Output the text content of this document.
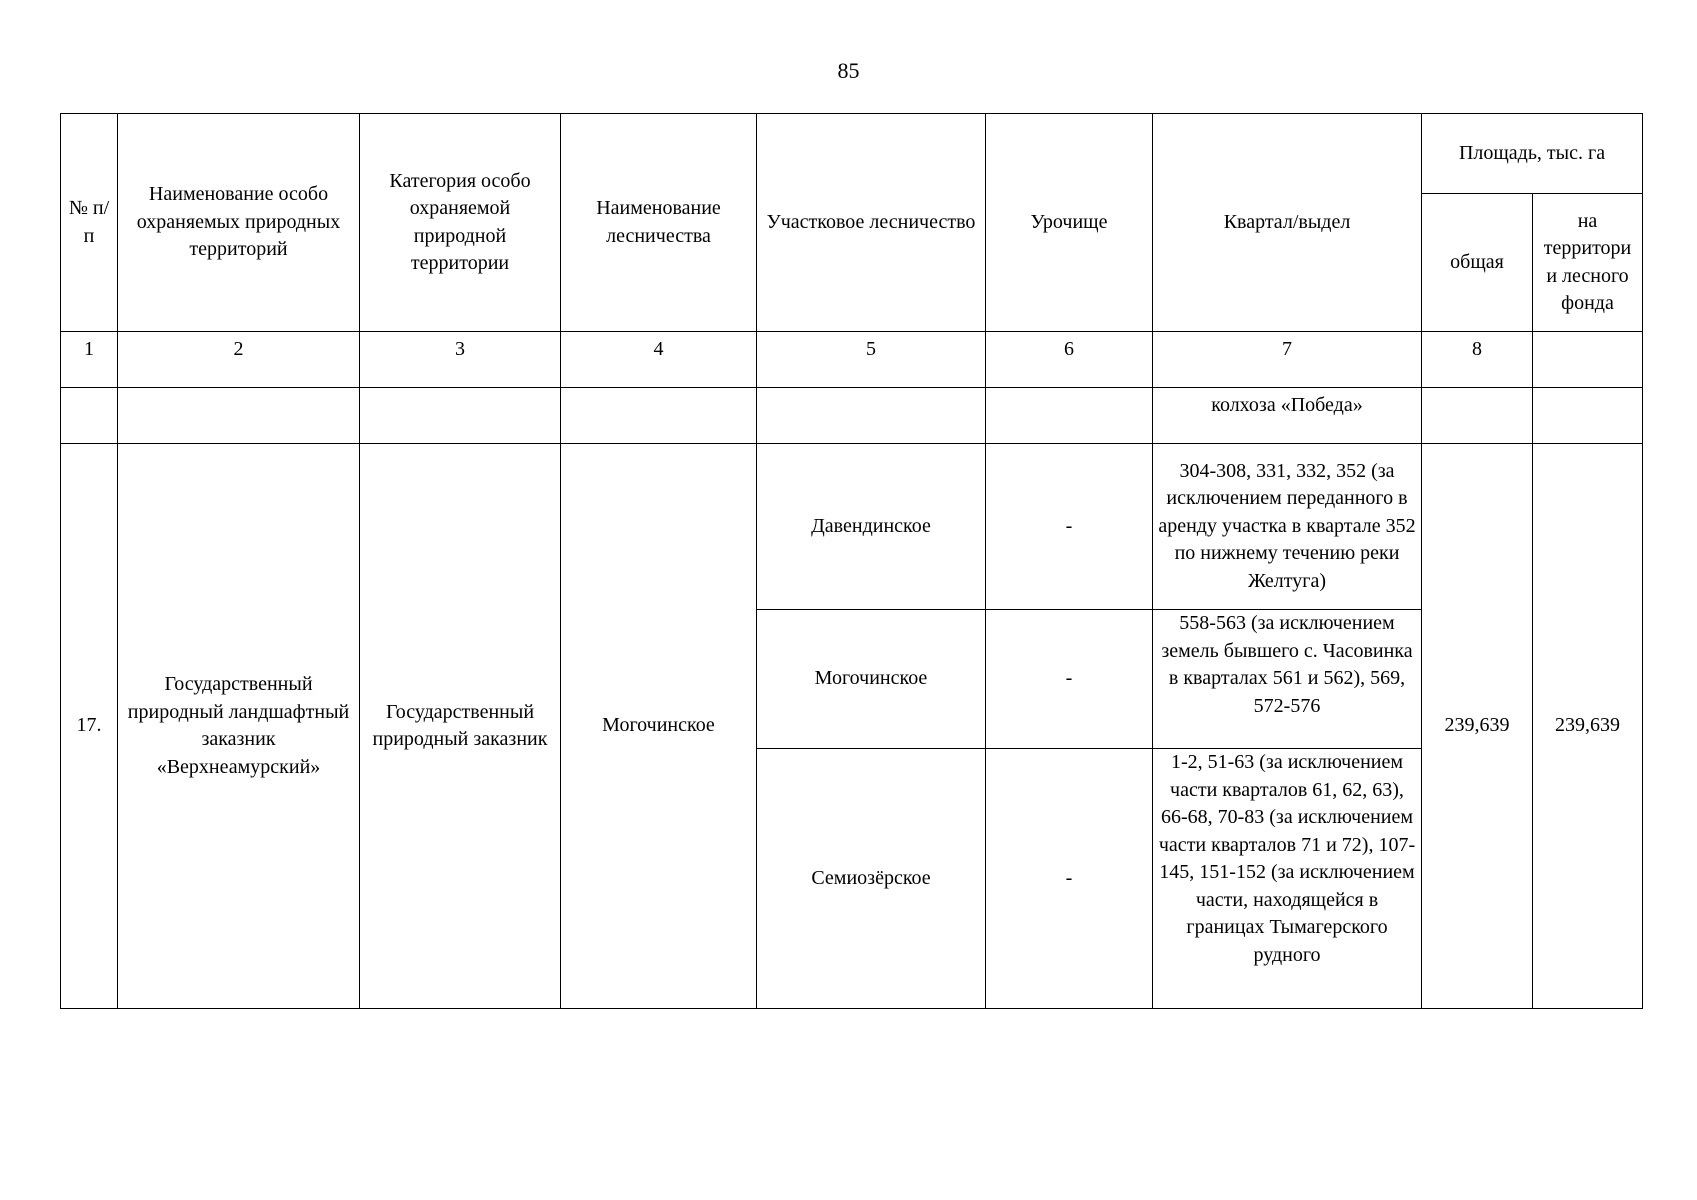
85
№ п/п	Наименование особо охраняемых природных территорий	Категория особо охраняемой природной территории	Наименование лесничества	Участковое лесничество	Урочище	Квартал/выдел	Площадь, тыс. га	

							общая	на территори и лесного фонда

1	2	3	4	5	6	7	8	
						колхоза «Победа»		
17.	Государственный природный ландшафтный заказник «Верхнеамурский»	Государственный природный заказник	Могочинское	Давендинское	-	304-308, 331, 332, 352 (за исключением переданного в аренду участка в квартале 352 по нижнему течению реки Желтуга)	239,639	239,639
				Могочинское	-	558-563 (за исключением земель бывшего с. Часовинка в кварталах 561 и 562), 569, 572-576		
				Семиозёрское	-	1-2, 51-63 (за исключением части кварталов 61, 62, 63), 66-68, 70-83 (за исключением части кварталов 71 и 72), 107-145, 151-152 (за исключением части, находящейся в границах Тымагерского рудного		
